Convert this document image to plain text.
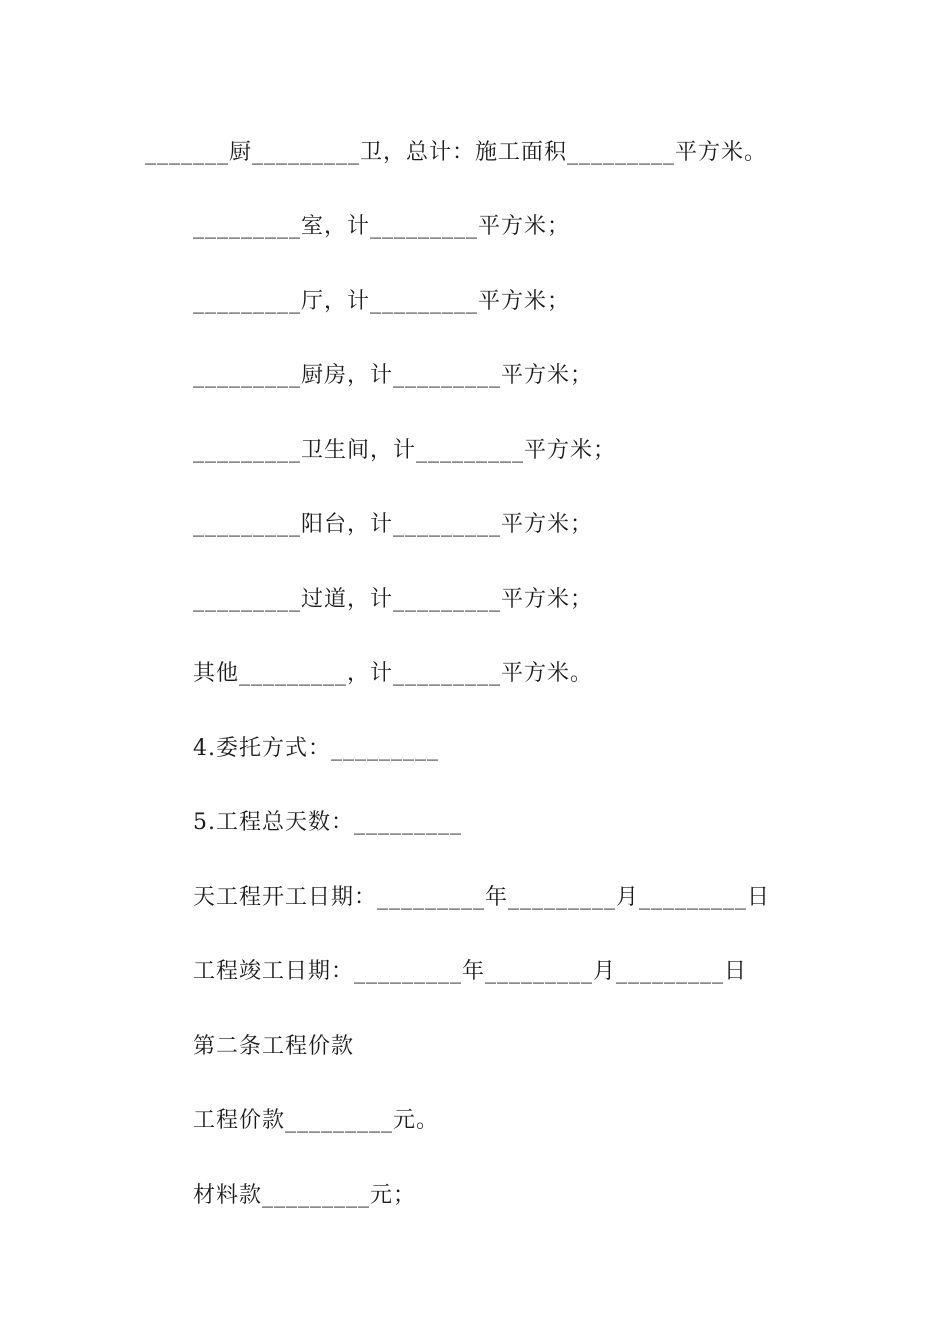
_______厨_________卫，总计：施工面积_________平方米。
_________室，计_________平方米；
_________厅，计_________平方米；
_________厨房，计_________平方米；
_________卫生间，计_________平方米；
_________阳台，计_________平方米；
_________过道，计_________平方米；
其他_________，计_________平方米。
4.委托方式：_________
5.工程总天数：_________
天工程开工日期：_________年_________月_________日
工程竣工日期：_________年_________月_________日
第二条工程价款
工程价款_________元。
材料款_________元；
